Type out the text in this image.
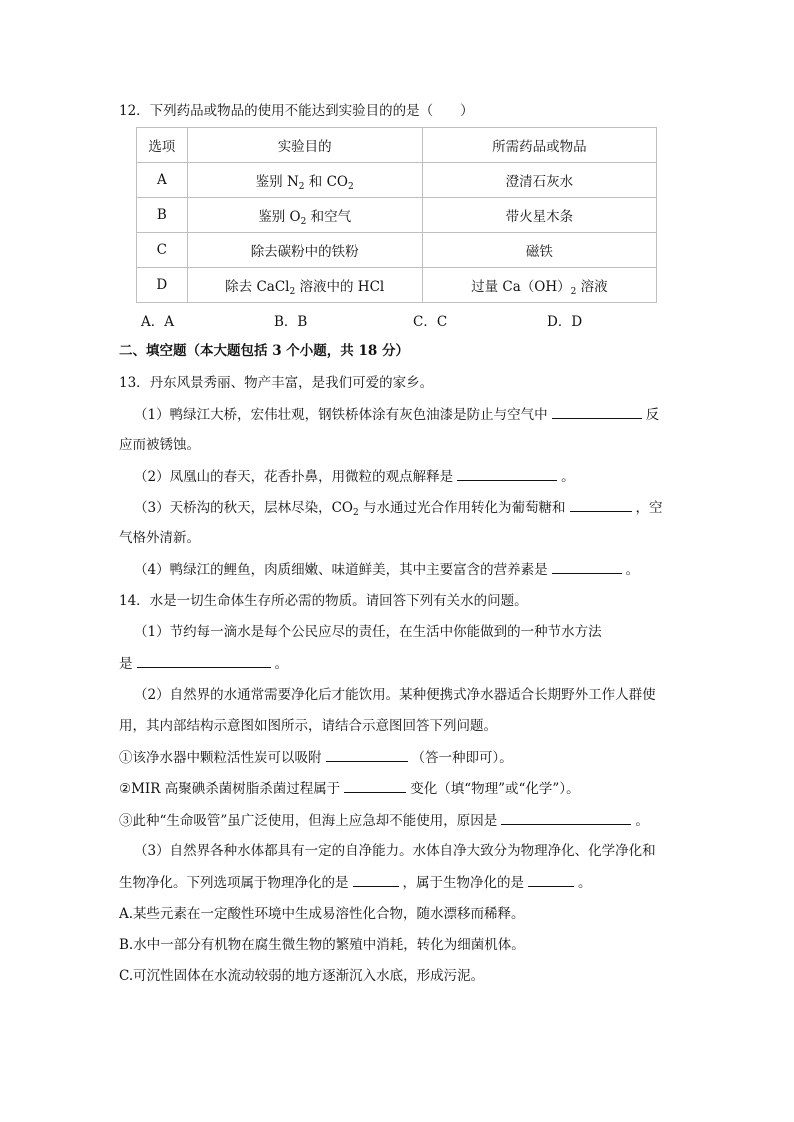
12．下列药品或物品的使用不能达到实验目的的是（　　）
选项	实验目的	所需药品或物品
A	鉴别 $N_2$ 和 $CO_2$	澄清石灰水
B	鉴别 $O_2$ 和空气	带火星木条
C	除去碳粉中的铁粉	磁铁
D	除去 CaCl$_2$ 溶液中的 HCl	过量 $Ca(OH)_2$ 溶液
A．A	B．B	C．C	D．D
二、填空题（本大题包括 3 个小题，共 18 分）
13．丹东风景秀丽、物产丰富，是我们可爱的家乡。
（1）鸭绿江大桥，宏伟壮观，钢铁桥体涂有灰色油漆是防止与空气中	反
应而被锈蚀。
（2）凤凰山的春天，花香扑鼻，用微粒的观点解释是	。
（3）天桥沟的秋天，层林尽染，$CO_2$ 与水通过光合作用转化为葡萄糖和	，空
气格外清新。
（4）鸭绿江的鲤鱼，肉质细嫩、味道鲜美，其中主要富含的营养素是	。
14．水是一切生命体生存所必需的物质。请回答下列有关水的问题。
（1）节约每一滴水是每个公民应尽的责任，在生活中你能做到的一种节水方法
是	。
（2）自然界的水通常需要净化后才能饮用。某种便携式净水器适合长期野外工作人群使
用，其内部结构示意图如图所示，请结合示意图回答下列问题。
①该净水器中颗粒活性炭可以吸附	（答一种即可）。
②MIR 高聚碘杀菌树脂杀菌过程属于	变化（填“物理”或“化学”）。
③此种“生命吸管”虽广泛使用，但海上应急却不能使用，原因是	。
（3）自然界各种水体都具有一定的自净能力。水体自净大致分为物理净化、化学净化和
生物净化。下列选项属于物理净化的是	，属于生物净化的是	。
A.某些元素在一定酸性环境中生成易溶性化合物，随水漂移而稀释。
B.水中一部分有机物在腐生微生物的繁殖中消耗，转化为细菌机体。
C.可沉性固体在水流动较弱的地方逐渐沉入水底，形成污泥。
